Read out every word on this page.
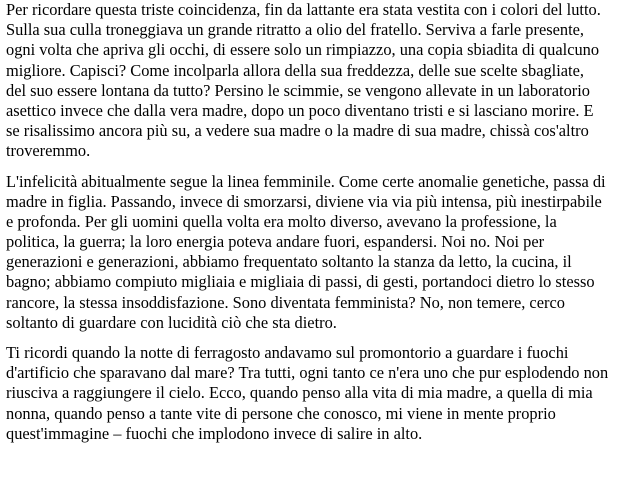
Per ricordare questa triste coincidenza, fin da lattante era stata vestita con i colori del lutto.
Sulla sua culla troneggiava un grande ritratto a olio del fratello. Serviva a farle presente,
ogni volta che apriva gli occhi, di essere solo un rimpiazzo, una copia sbiadita di qualcuno
migliore. Capisci? Come incolparla allora della sua freddezza, delle sue scelte sbagliate,
del suo essere lontana da tutto? Persino le scimmie, se vengono allevate in un laboratorio
asettico invece che dalla vera madre, dopo un poco diventano tristi e si lasciano morire. E
se risalissimo ancora più su, a vedere sua madre o la madre di sua madre, chissà cos'altro
troveremmo.

L'infelicità abitualmente segue la linea femminile. Come certe anomalie genetiche, passa di
madre in figlia. Passando, invece di smorzarsi, diviene via via più intensa, più inestirpabile
e profonda. Per gli uomini quella volta era molto diverso, avevano la professione, la
politica, la guerra; la loro energia poteva andare fuori, espandersi. Noi no. Noi per
generazioni e generazioni, abbiamo frequentato soltanto la stanza da letto, la cucina, il
bagno; abbiamo compiuto migliaia e migliaia di passi, di gesti, portandoci dietro lo stesso
rancore, la stessa insoddisfazione. Sono diventata femminista? No, non temere, cerco
soltanto di guardare con lucidità ciò che sta dietro.

Ti ricordi quando la notte di ferragosto andavamo sul promontorio a guardare i fuochi
d'artificio che sparavano dal mare? Tra tutti, ogni tanto ce n'era uno che pur esplodendo non
riusciva a raggiungere il cielo. Ecco, quando penso alla vita di mia madre, a quella di mia
nonna, quando penso a tante vite di persone che conosco, mi viene in mente proprio
quest'immagine – fuochi che implodono invece di salire in alto.
